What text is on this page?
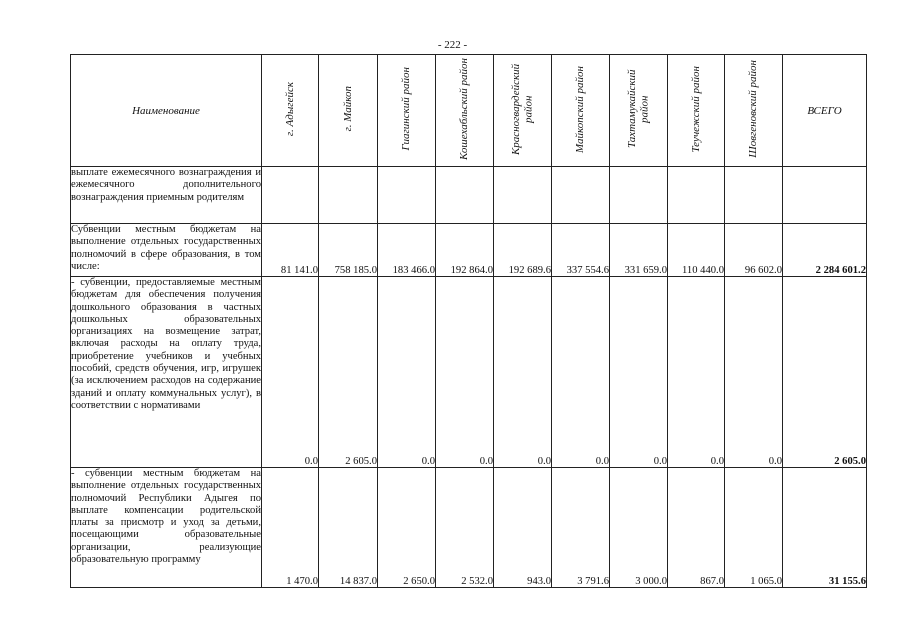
- 222 -
Наименование	г. Адыгейск	г. Майкоп	Гиагинский район	Кошехабльский район	Красногвардейский район	Майкопский район	Тахтамукайский район	Теучежский район	Шовгеновский район	ВСЕГО
выплате ежемесячного вознаграждения и ежемесячного дополнительного вознаграждения приемным родителям										
Субвенции местным бюджетам на выполнение отдельных государственных полномочий в сфере образования, в том числе:	81 141.0	758 185.0	183 466.0	192 864.0	192 689.6	337 554.6	331 659.0	110 440.0	96 602.0	2 284 601.2
- субвенции, предоставляемые местным бюджетам для обеспечения получения дошкольного образования в частных дошкольных образовательных организациях на возмещение затрат, включая расходы на оплату труда, приобретение учебников и учебных пособий, средств обучения, игр, игрушек (за исключением расходов на содержание зданий и оплату коммунальных услуг), в соответствии с нормативами	0.0	2 605.0	0.0	0.0	0.0	0.0	0.0	0.0	0.0	2 605.0
- субвенции местным бюджетам на выполнение отдельных государственных полномочий Республики Адыгея по выплате компенсации родительской платы за присмотр и уход за детьми, посещающими образовательные организации, реализующие образовательную программу	1 470.0	14 837.0	2 650.0	2 532.0	943.0	3 791.6	3 000.0	867.0	1 065.0	31 155.6
